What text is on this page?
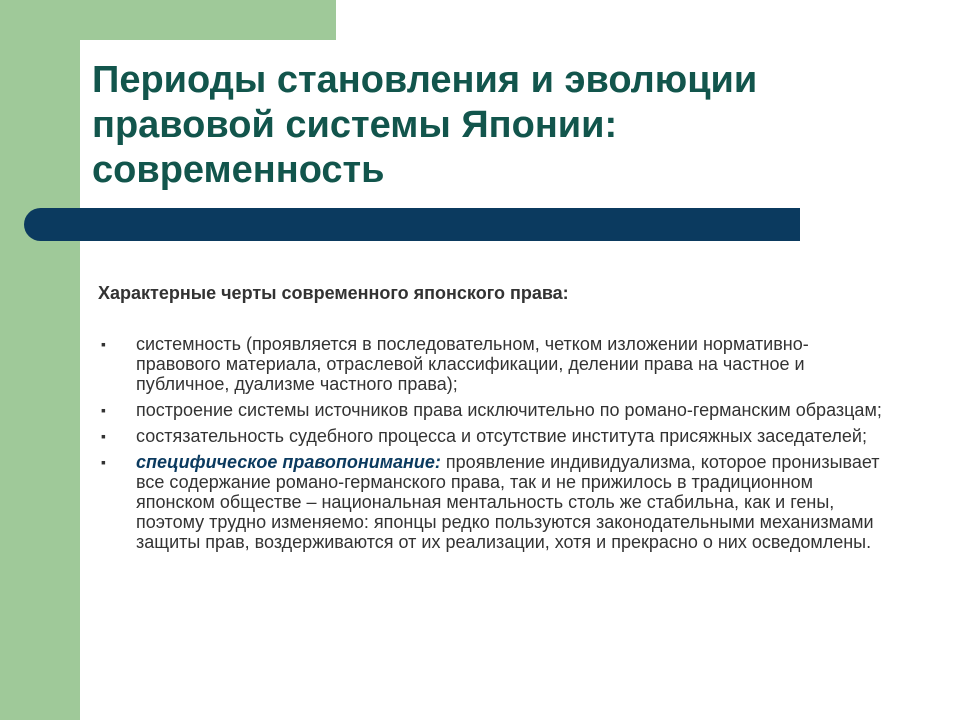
Периоды становления и эволюции
правовой системы Японии:
современность

Характерные черты современного японского права:

▪ системность (проявляется в последовательном, четком изложении нормативно-правового материала, отраслевой классификации, делении права на частное и публичное, дуализме частного права);
▪ построение системы источников права исключительно по романо-германским образцам;
▪ состязательность судебного процесса и отсутствие института присяжных заседателей;
▪ специфическое правопонимание: проявление индивидуализма, которое пронизывает все содержание романо-германского права, так и не прижилось в традиционном японском обществе – национальная ментальность столь же стабильна, как и гены, поэтому трудно изменяемо: японцы редко пользуются законодательными механизмами защиты прав, воздерживаются от их реализации, хотя и прекрасно о них осведомлены.
